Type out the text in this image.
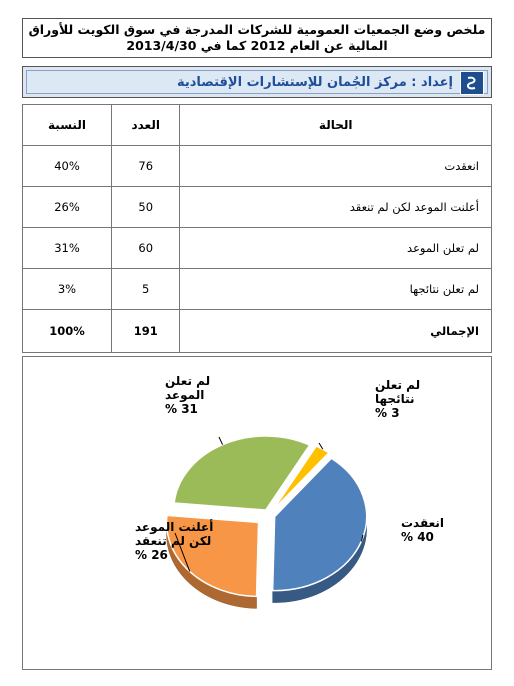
ملخص وضع الجمعيات العمومية للشركات المدرجة في سوق الكويت للأوراق
المالية عن العام 2012 كما في 2013/4/30
إعداد : مركز الجُمان للإستشارات الإقتصادية
الحالة	العدد	النسبة
انعقدت	76	40%
أعلنت الموعد لكن لم تنعقد	50	26%
لم تعلن الموعد	60	31%
لم تعلن نتائجها	5	3%
الإجمالي	191	100%
انعقدت
40 %
أعلنت الموعد
لكن لم تنعقد
26 %
لم تعلن
الموعد
31 %
لم تعلن
نتائجها
3 %
